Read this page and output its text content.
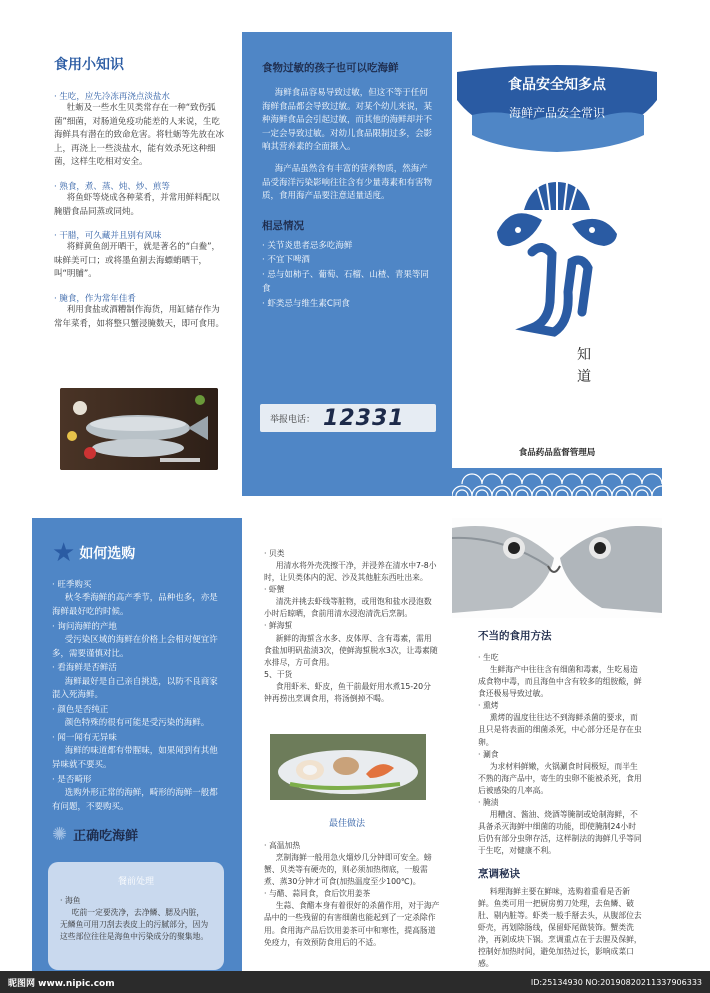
食用小知识
· 生吃，应先冷冻再浇点淡盐水
牡蛎及一些水生贝类常存在一种“致伤弧菌”细菌，对肠道免疫功能差的人来说，生吃海鲜具有潜在的致命危害。将牡蛎等先放在冰上，再浇上一些淡盐水，能有效杀死这种细菌，这样生吃相对安全。
· 熟食，煮、蒸、炖、炒、煎等
将鱼虾等烧成各种菜肴，并常用鲜料配以腌腊食品同蒸或同炖。
· 干腊，可久藏并且别有风味
将鲜黄鱼剖开晒干，就是著名的“白鲞”，味鲜美可口；或将墨鱼割去海螵蛸晒干，叫“明脯”。
· 腌食，作为常年佳肴
利用食盐或酒糟制作海货，用缸储存作为常年菜肴，如将整只蟹浸腌数天，即可食用。
食物过敏的孩子也可以吃海鲜
海鲜食品容易导致过敏，但这不等于任何海鲜食品都会导致过敏。对某个幼儿来说，某种海鲜食品会引起过敏，而其他的海鲜却并不一定会导致过敏。对幼儿食品限制过多，会影响其营养素的全面摄入。
海产品虽然含有丰富的营养物质，然海产品受海洋污染影响往往含有少量毒素和有害物质，食用海产品要注意适量适度。
相忌情况
· 关节炎患者忌多吃海鲜
· 不宜下啤酒
· 忌与如柿子、葡萄、石榴、山楂、青果等同食
· 虾类忌与维生素C同食
举报电话： 12331
食品安全知多点
海鲜产品安全常识
知
道
食品药品监督管理局
★ 如何选购
· 旺季购买
秋冬季海鲜的高产季节，品种也多，亦是海鲜最好吃的时候。
· 询问海鲜的产地
受污染区域的海鲜在价格上会相对便宜许多，需要谨慎对比。
· 看海鲜是否鲜活
海鲜最好是自己亲自挑选，以防不良商家混入死海鲜。
· 颜色是否纯正
颜色特殊的很有可能是受污染的海鲜。
· 闻一闻有无异味
海鲜的味道都有带腥味，如果闻到有其他异味就不要买。
· 是否畸形
选购外形正常的海鲜，畸形的海鲜一般都有问题，不要购买。
✺ 正确吃海鲜
餐前处理
· 海鱼
吃前一定要洗净，去净鳞、腮及内脏，无鳞鱼可用刀刮去表皮上的污腻部分，因为这些部位往往是海鱼中污染成分的聚集地。
· 贝类
用清水将外壳洗擦干净，并浸养在清水中7-8小时，让贝类体内的泥、沙及其他脏东西吐出来。
· 虾蟹
清洗并挑去虾线等脏物，或用饱和盐水浸泡数小时后晾晒，食前用清水浸泡清洗后烹制。
· 鲜海蜇
新鲜的海蜇含水多、皮体厚、含有毒素，需用食盐加明矾盐渍3次，使鲜海蜇脱水3次，让毒素随水排尽，方可食用。
5、干货
食用虾米、虾皮，鱼干前最好用水煮15-20分钟再捞出烹调食用，将汤倒掉不喝。
最佳做法
· 高温加热
烹制海鲜一般用急火熘炒几分钟即可安全。螃蟹、贝类等有硬壳的，则必须加热彻底，一般需煮、蒸30分钟才可食(加热温度至少100℃)。
· 与醋、蒜同食，食后饮用姜茶
生蒜、食醋本身有着很好的杀菌作用，对于海产品中的一些残留的有害细菌也能起到了一定杀除作用。食用海产品后饮用姜茶可中和寒性，提高肠道免疫力，有效预防食用后的不适。
不当的食用方法
· 生吃
生鲜海产中往往含有细菌和毒素，生吃易造成食物中毒，而且海鱼中含有较多的组胺酸，鲜食还极易导致过敏。
· 熏烤
熏烤的温度往往达不到海鲜杀菌的要求，而且只是将表面的细菌杀死，中心部分还是存在虫卵。
· 涮食
为求材料鲜嫩，火锅涮食时间极短，而半生不熟的海产品中，寄生的虫卵不能被杀死，食用后被感染的几率高。
· 腌渍
用糟卤、酱油、烧酒等腌制或炝制海鲜，不具备杀灭海鲜中细菌的功能，即使腌制24小时后仍有部分虫卵存活，这样制法的海鲜几乎等同于生吃，对健康不利。
烹调秘诀
料理海鲜主要在鲜味，选购着重看是否新鲜。鱼类可用一把厨房剪刀处理，去鱼鳞、破肚、剔内脏等。虾类一般手掰去头，从腹部位去虾壳，再划除肠线，保留虾尾做装饰。蟹类洗净，再剁成块下锅。烹调重点在于去腥及保鲜，控制好加热时间，避免加热过长，影响成菜口感。
昵图网 www.nipic.com	ID:25134930 NO:20190820211337906333
